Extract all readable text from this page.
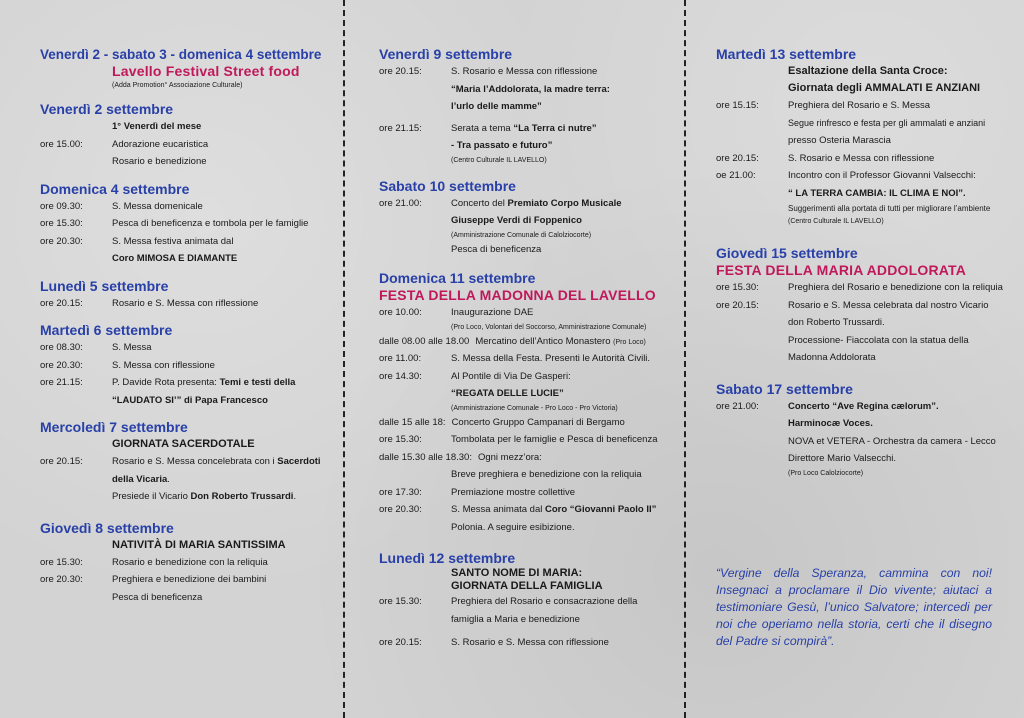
Venerdì 2 - sabato 3 - domenica 4 settembre
Lavello Festival Street food
(Adda Promotion° Associazione Culturale)
Venerdì 2 settembre
1° Venerdì del mese
ore 15.00:	Adorazione eucaristica
Rosario e benedizione
Domenica 4 settembre
ore 09.30:	S. Messa domenicale
ore 15.30:	Pesca di beneficenza e tombola per le famiglie
ore 20.30:	S. Messa festiva animata dal
Coro MIMOSA E DIAMANTE
Lunedì 5 settembre
ore 20.15:	Rosario e S. Messa con riflessione
Martedì 6 settembre
ore 08.30:	S. Messa
ore 20.30:	S. Messa con riflessione
ore 21.15:	P. Davide Rota presenta: Temi e testi della
“LAUDATO SI’” di Papa Francesco
Mercoledì 7 settembre
GIORNATA SACERDOTALE
ore 20.15:	Rosario e S. Messa concelebrata con i Sacerdoti
della Vicaria.
Presiede il Vicario Don Roberto Trussardi.
Giovedì 8 settembre
NATIVITÀ DI MARIA SANTISSIMA
ore 15.30:	Rosario e benedizione con la reliquia
ore 20.30:	Preghiera e benedizione dei bambini
Pesca di beneficenza
Venerdì 9 settembre
ore 20.15:	S. Rosario e Messa con riflessione
“Maria l’Addolorata, la madre terra:
l’urlo delle mamme”
ore 21.15:	Serata a tema “La Terra ci nutre”
- Tra passato e futuro”
(Centro Culturale IL LAVELLO)
Sabato 10 settembre
ore 21.00:	Concerto del Premiato Corpo Musicale
Giuseppe Verdi di Foppenico
(Amministrazione Comunale di Calolziocorte)
Pesca di beneficenza
Domenica 11 settembre
FESTA DELLA MADONNA DEL LAVELLO
ore 10.00:	Inaugurazione DAE
(Pro Loco, Volontari del Soccorso, Amministrazione Comunale)
dalle 08.00 alle 18.00 Mercatino dell’Antico Monastero (Pro Loco)
ore 11.00:	S. Messa della Festa. Presenti le Autorità Civili.
ore 14.30:	Al Pontile di Via De Gasperi:
“REGATA DELLE LUCIE”
(Amministrazione Comunale - Pro Loco - Pro Victoria)
dalle 15 alle 18: Concerto Gruppo Campanari di Bergamo
ore 15.30:	Tombolata per le famiglie e Pesca di beneficenza
dalle 15.30 alle 18.30: Ogni mezz’ora:
Breve preghiera e benedizione con la reliquia
ore 17.30:	Premiazione mostre collettive
ore 20.30:	S. Messa animata dal Coro “Giovanni Paolo II”
Polonia. A seguire esibizione.
Lunedì 12 settembre
SANTO NOME DI MARIA:
GIORNATA DELLA FAMIGLIA
ore 15.30:	Preghiera del Rosario e consacrazione della
famiglia a Maria e benedizione
ore 20.15:	S. Rosario e S. Messa con riflessione
Martedì 13 settembre
Esaltazione della Santa Croce:
Giornata degli AMMALATI E ANZIANI
ore 15.15:	Preghiera del Rosario e S. Messa
Segue rinfresco e festa per gli ammalati e anziani
presso Osteria Marascia
ore 20.15:	S. Rosario e Messa con riflessione
oe 21.00:	Incontro con il Professor Giovanni Valsecchi:
“ LA TERRA CAMBIA: IL CLIMA E NOI”.
Suggerimenti alla portata di tutti per migliorare l’ambiente
(Centro Culturale IL LAVELLO)
Giovedì 15 settembre
FESTA DELLA MARIA ADDOLORATA
ore 15.30:	Preghiera del Rosario e benedizione con la reliquia
ore 20.15:	Rosario e S. Messa celebrata dal nostro Vicario
don Roberto Trussardi.
Processione- Fiaccolata con la statua della
Madonna Addolorata
Sabato 17 settembre
ore 21.00:	Concerto “Ave Regina cælorum”.
Harminocæ Voces.
NOVA et VETERA - Orchestra da camera - Lecco
Direttore Mario Valsecchi.
(Pro Loco Calolziocorte)
“Vergine della Speranza, cammina con noi! Insegnaci a proclamare il Dio vivente; aiutaci a testimoniare Gesù, l’unico Salvatore; intercedi per noi che operiamo nella storia, certi che il disegno del Padre si compirà”.
